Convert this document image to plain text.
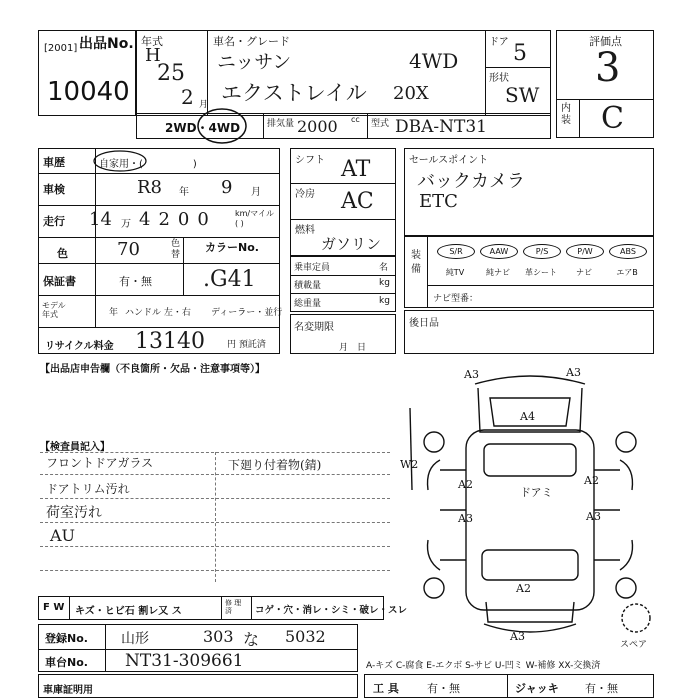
出品No.
[2001]
10040
年式
H
25
2 月
車名・グレード
ニッサン	4WD
エクストレイル 20X
ドア 5
形状
SW
評価点
3
内装 C
2WD・4WD	排気量 2000 cc 型式 DBA-NT31
車歴	自家用・(　　　　　)
車検	R8 年 9 月
走行 14 万 4200 km/マイル( )
色	70	色替
カラーNo.
.G41
保証書	有・無
モデル年式	年 ハンドル 左・右 ディーラー・並行
リサイクル料金 13140 円 預託済
シフト AT
冷房 AC
燃料
ガソリン
乗車定員	名
積載量	kg
総重量	kg
名変期限
月　日
セールスポイント
バックカメラ
ETC
装備
S/R	AAW	P/S	P/W	ABS
純TV	純ナビ	革シート	ナビ	エアB
ナビ型番：
後日品
【出品店申告欄（不良箇所・欠品・注意事項等）】
【検査員記入】
フロントドアガラス
ドアトリム汚れ
荷室汚れ
AU
下廻り付着物(錆)
A3	A3
A4
W2
A2
ドアミ
A2
A3	A3
A2
A3
スペア
F W キズ・ヒビ石 割レ又 ス
修 理 済	コゲ・穴・消レ・シミ・破レ・スレ
登録No. 山形	303 な 5032
車台No. NT31-309661	A-キズ C-腐食 E-エクボ S-サビ U-凹ミ W-補修 XX-交換済
車庫証明用	工 具	有・無	ジャッキ 有・無
